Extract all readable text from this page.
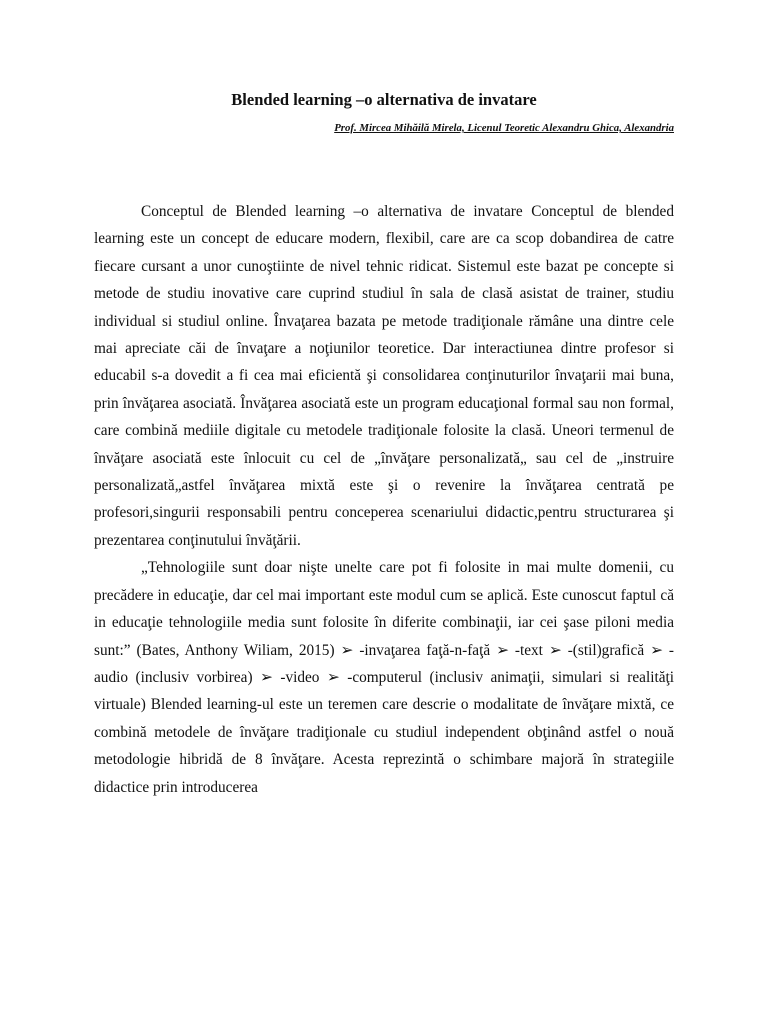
Blended learning –o alternativa de invatare
Prof. Mircea Mihăilă Mirela, Licenul Teoretic Alexandru Ghica, Alexandria

Conceptul de Blended learning –o alternativa de invatare Conceptul de blended learning este un concept de educare modern, flexibil, care are ca scop dobandirea de catre fiecare cursant a unor cunoştiinte de nivel tehnic ridicat. Sistemul este bazat pe concepte si metode de studiu inovative care cuprind studiul în sala de clasă asistat de trainer, studiu individual si studiul online. Învaţarea bazata pe metode tradiţionale rămâne una dintre cele mai apreciate căi de învaţare a noţiunilor teoretice. Dar interactiunea dintre profesor si educabil s-a dovedit a fi cea mai eficientă şi consolidarea conţinuturilor învaţarii mai buna, prin învăţarea asociată. Învăţarea asociată este un program educaţional formal sau non formal, care combină mediile digitale cu metodele tradiţionale folosite la clasă. Uneori termenul de învăţare asociată este înlocuit cu cel de „învăţare personalizată„ sau cel de „instruire personalizată„astfel învăţarea mixtă este şi o revenire la învăţarea centrată pe profesori,singurii responsabili pentru conceperea scenariului didactic,pentru structurarea şi prezentarea conţinutului învăţării.

„Tehnologiile sunt doar nişte unelte care pot fi folosite in mai multe domenii, cu precădere in educaţie, dar cel mai important este modul cum se aplică. Este cunoscut faptul că in educaţie tehnologiile media sunt folosite în diferite combinaţii, iar cei şase piloni media sunt:” (Bates, Anthony Wiliam, 2015) ➢ -invaţarea faţă-n-faţă ➢ -text ➢ -(stil)grafică ➢ -audio (inclusiv vorbirea) ➢ -video ➢ -computerul (inclusiv animaţii, simulari si realităţi virtuale) Blended learning-ul este un teremen care descrie o modalitate de învăţare mixtă, ce combină metodele de învăţare tradiţionale cu studiul independent obţinând astfel o nouă metodologie hibridă de 8 învăţare. Acesta reprezintă o schimbare majoră în strategiile didactice prin introducerea
